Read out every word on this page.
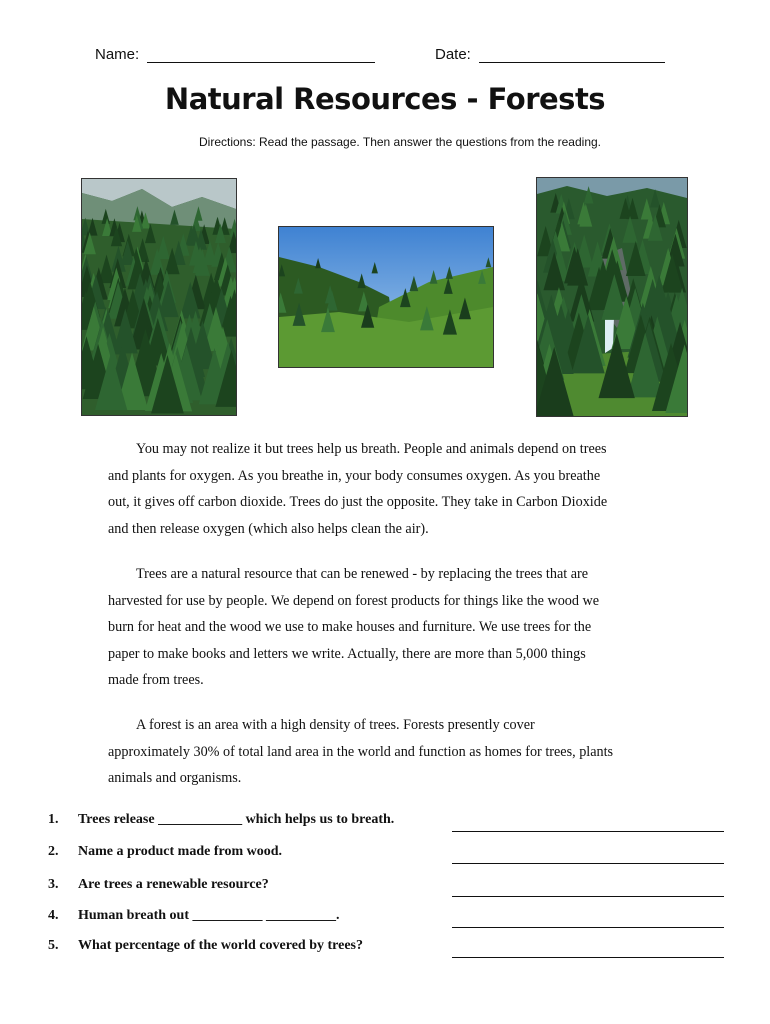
Name:	Date:
Natural Resources - Forests
Directions: Read the passage. Then answer the questions from the reading.

You may not realize it but trees help us breath. People and animals depend on trees
and plants for oxygen. As you breathe in, your body consumes oxygen. As you breathe
out, it gives off carbon dioxide. Trees do just the opposite. They take in Carbon Dioxide
and then release oxygen (which also helps clean the air).

Trees are a natural resource that can be renewed - by replacing the trees that are
harvested for use by people. We depend on forest products for things like the wood we
burn for heat and the wood we use to make houses and furniture. We use trees for the
paper to make books and letters we write. Actually, there are more than 5,000 things
made from trees.

A forest is an area with a high density of trees. Forests presently cover
approximately 30% of total land area in the world and function as homes for trees, plants
animals and organisms.

1. Trees release ____________ which helps us to breath.
2. Name a product made from wood.
3. Are trees a renewable resource?
4. Human breath out __________ __________.
5. What percentage of the world covered by trees?
